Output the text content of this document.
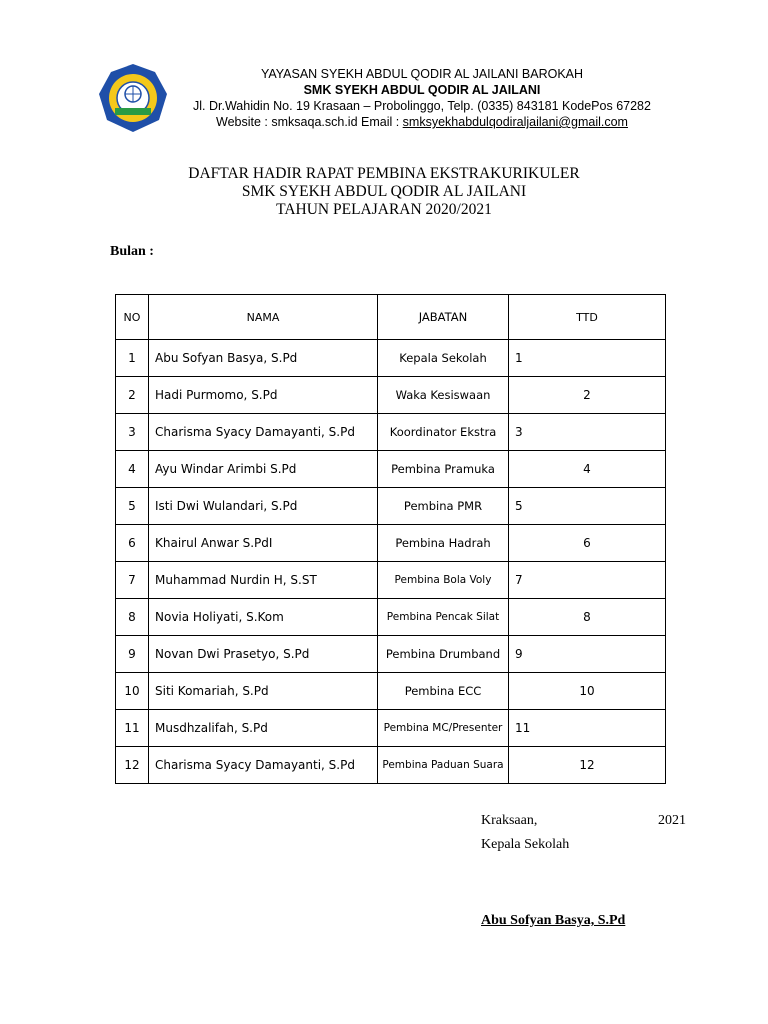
YAYASAN SYEKH ABDUL QODIR AL JAILANI BAROKAH
SMK SYEKH ABDUL QODIR AL JAILANI
Jl. Dr.Wahidin No. 19 Krasaan – Probolinggo, Telp. (0335) 843181 KodePos 67282
Website : smksaqa.sch.id Email : smksyekhabdulqodiraljailani@gmail.com
DAFTAR HADIR RAPAT PEMBINA EKSTRAKURIKULER
SMK SYEKH ABDUL QODIR AL JAILANI
TAHUN PELAJARAN 2020/2021
Bulan :
NO	NAMA	JABATAN	TTD
1	Abu Sofyan Basya, S.Pd	Kepala Sekolah	1
2	Hadi Purmomo, S.Pd	Waka Kesiswaan	2
3	Charisma Syacy Damayanti, S.Pd	Koordinator Ekstra	3
4	Ayu Windar Arimbi S.Pd	Pembina Pramuka	4
5	Isti Dwi Wulandari, S.Pd	Pembina PMR	5
6	Khairul Anwar S.PdI	Pembina Hadrah	6
7	Muhammad Nurdin H, S.ST	Pembina Bola Voly	7
8	Novia Holiyati, S.Kom	Pembina Pencak Silat	8
9	Novan Dwi Prasetyo, S.Pd	Pembina Drumband	9
10	Siti Komariah, S.Pd	Pembina ECC	10
11	Musdhzalifah, S.Pd	Pembina MC/Presenter	11
12	Charisma Syacy Damayanti, S.Pd	Pembina Paduan Suara	12
Kraksaan,	2021
Kepala Sekolah
Abu Sofyan Basya, S.Pd
